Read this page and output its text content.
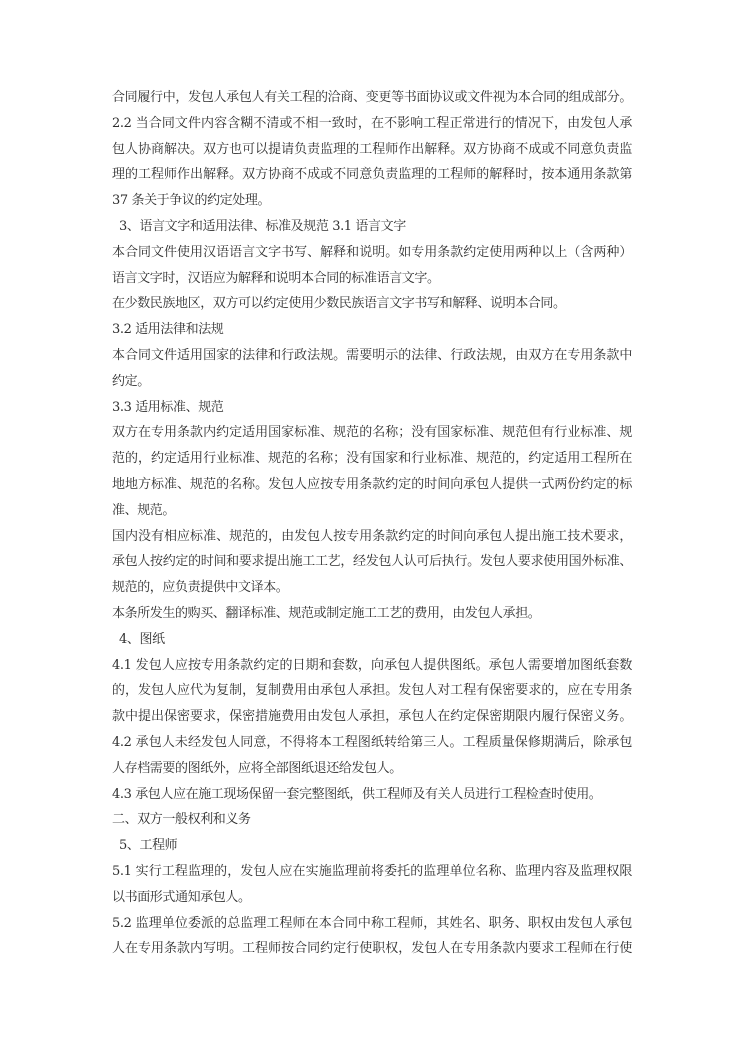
合同履行中，发包人承包人有关工程的洽商、变更等书面协议或文件视为本合同的组成部分。
2.2 当合同文件内容含糊不清或不相一致时，在不影响工程正常进行的情况下，由发包人承
包人协商解决。双方也可以提请负责监理的工程师作出解释。双方协商不成或不同意负责监
理的工程师作出解释。双方协商不成或不同意负责监理的工程师的解释时，按本通用条款第
37 条关于争议的约定处理。
3、语言文字和适用法律、标准及规范 3.1 语言文字
本合同文件使用汉语语言文字书写、解释和说明。如专用条款约定使用两种以上（含两种）
语言文字时，汉语应为解释和说明本合同的标准语言文字。
在少数民族地区，双方可以约定使用少数民族语言文字书写和解释、说明本合同。
3.2 适用法律和法规
本合同文件适用国家的法律和行政法规。需要明示的法律、行政法规，由双方在专用条款中
约定。
3.3 适用标准、规范
双方在专用条款内约定适用国家标准、规范的名称；没有国家标准、规范但有行业标准、规
范的，约定适用行业标准、规范的名称；没有国家和行业标准、规范的，约定适用工程所在
地地方标准、规范的名称。发包人应按专用条款约定的时间向承包人提供一式两份约定的标
准、规范。
国内没有相应标准、规范的，由发包人按专用条款约定的时间向承包人提出施工技术要求，
承包人按约定的时间和要求提出施工工艺，经发包人认可后执行。发包人要求使用国外标准、
规范的，应负责提供中文译本。
本条所发生的购买、翻译标准、规范或制定施工工艺的费用，由发包人承担。
4、图纸
4.1 发包人应按专用条款约定的日期和套数，向承包人提供图纸。承包人需要增加图纸套数
的，发包人应代为复制，复制费用由承包人承担。发包人对工程有保密要求的，应在专用条
款中提出保密要求，保密措施费用由发包人承担，承包人在约定保密期限内履行保密义务。
4.2 承包人未经发包人同意，不得将本工程图纸转给第三人。工程质量保修期满后，除承包
人存档需要的图纸外，应将全部图纸退还给发包人。
4.3 承包人应在施工现场保留一套完整图纸，供工程师及有关人员进行工程检查时使用。
二、双方一般权利和义务
5、工程师
5.1 实行工程监理的，发包人应在实施监理前将委托的监理单位名称、监理内容及监理权限
以书面形式通知承包人。
5.2 监理单位委派的总监理工程师在本合同中称工程师，其姓名、职务、职权由发包人承包
人在专用条款内写明。工程师按合同约定行使职权，发包人在专用条款内要求工程师在行使
